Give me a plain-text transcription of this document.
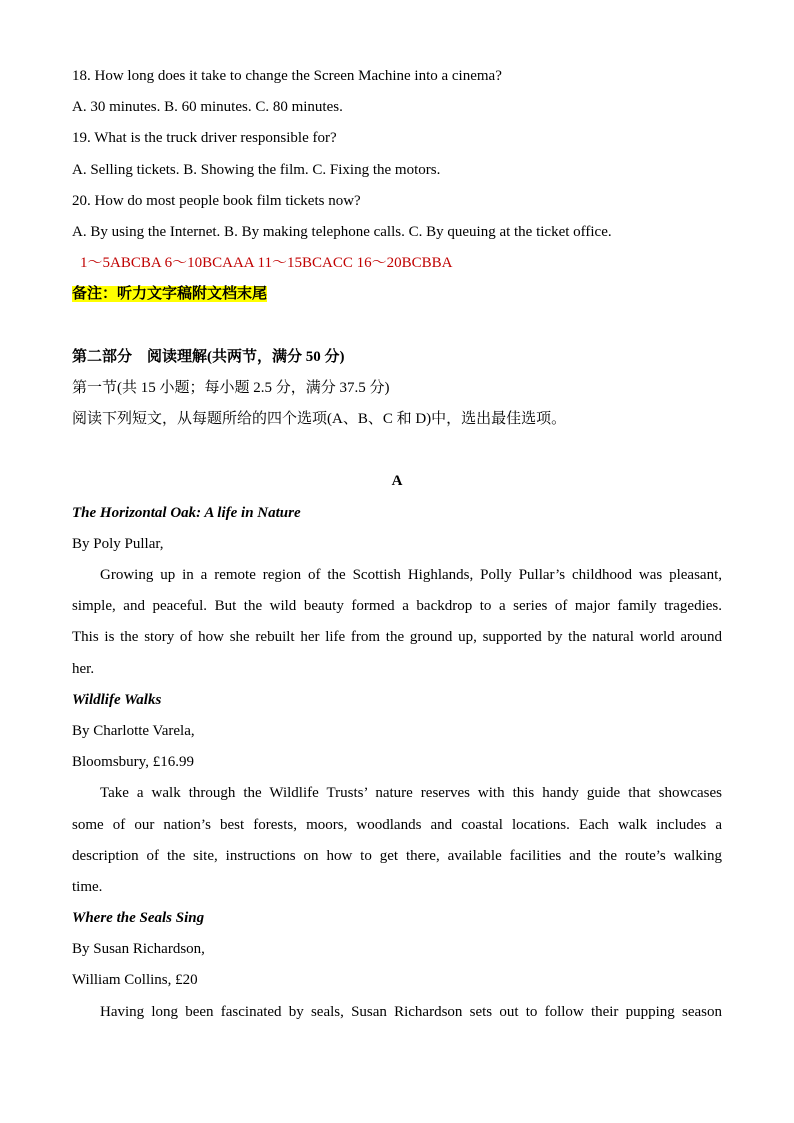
18. How long does it take to change the Screen Machine into a cinema?
A. 30 minutes. B. 60 minutes. C. 80 minutes.
19. What is the truck driver responsible for?
A. Selling tickets. B. Showing the film. C. Fixing the motors.
20. How do most people book film tickets now?
A. By using the Internet. B. By making telephone calls. C. By queuing at the ticket office.
1～5ABCBA 6～10BCAAA 11～15BCACC 16～20BCBBA
备注：听力文字稿附文档末尾
第二部分　阅读理解(共两节，满分 50 分)
第一节(共 15 小题；每小题 2.5 分，满分 37.5 分)
阅读下列短文，从每题所给的四个选项(A、B、C 和 D)中，选出最佳选项。
A
The Horizontal Oak: A life in Nature
By Poly Pullar,
Growing up in a remote region of the Scottish Highlands, Polly Pullar’s childhood was pleasant,
simple, and peaceful. But the wild beauty formed a backdrop to a series of major family tragedies.
This is the story of how she rebuilt her life from the ground up, supported by the natural world around
her.
Wildlife Walks
By Charlotte Varela,
Bloomsbury, £16.99
Take a walk through the Wildlife Trusts’ nature reserves with this handy guide that showcases
some of our nation’s best forests, moors, woodlands and coastal locations. Each walk includes a
description of the site, instructions on how to get there, available facilities and the route’s walking
time.
Where the Seals Sing
By Susan Richardson,
William Collins, £20
Having long been fascinated by seals, Susan Richardson sets out to follow their pupping season
